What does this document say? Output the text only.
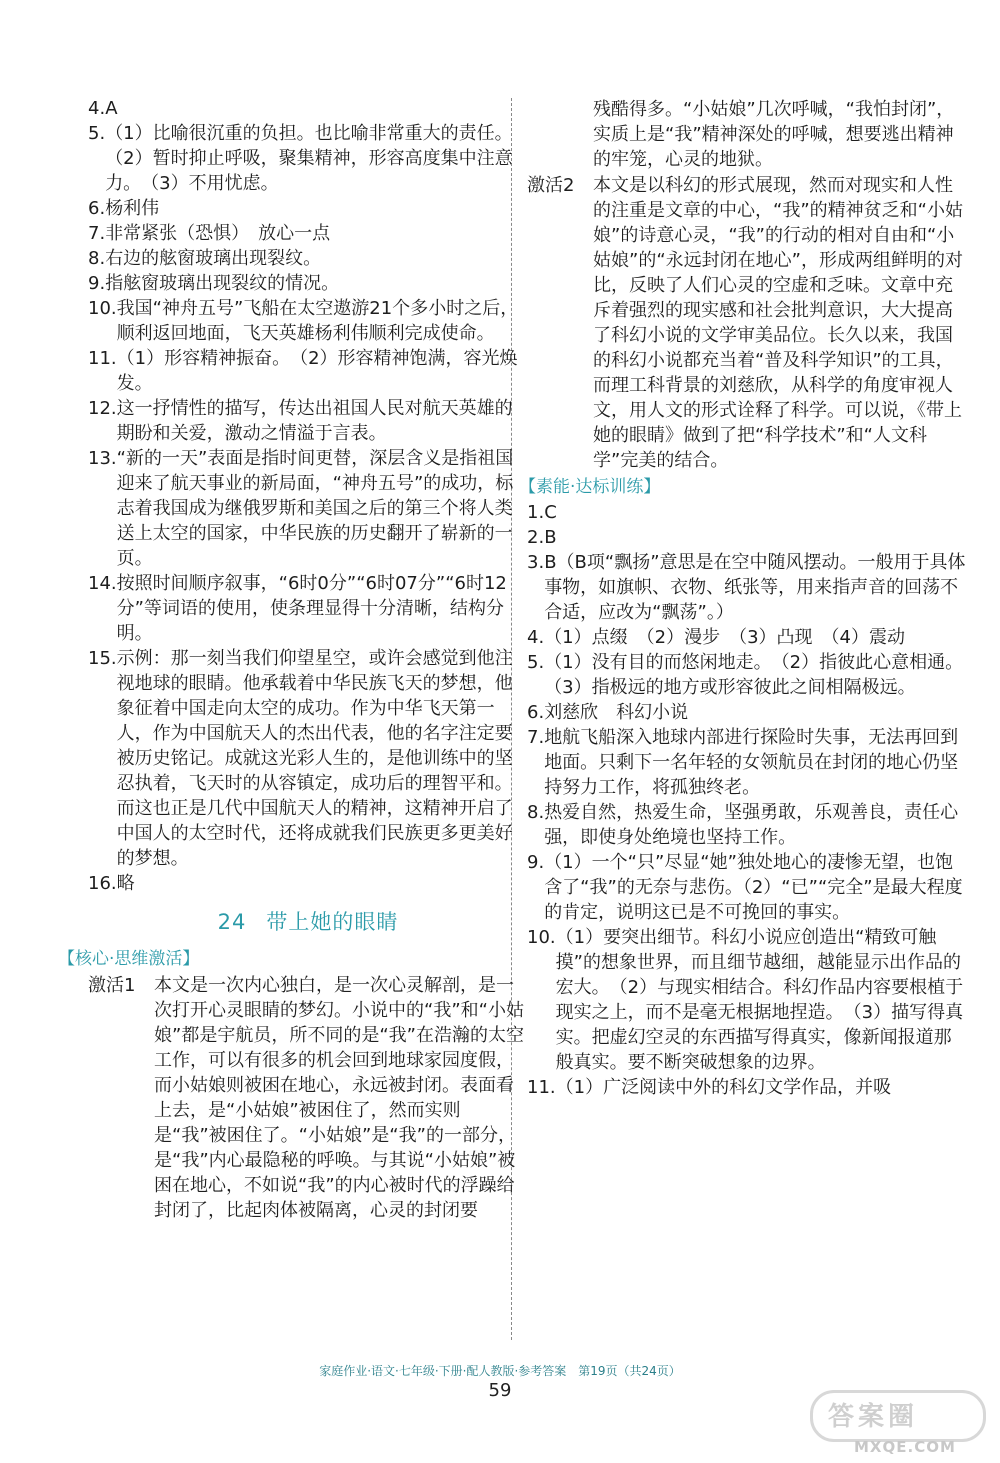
4. A
5. （1）比喻很沉重的负担。也比喻非常重大的责任。　（2）暂时抑止呼吸，聚集精神，形容高度集中注意力。　（3）不用忧虑。
6. 杨利伟
7. 非常紧张（恐惧）　放心一点
8. 右边的舷窗玻璃出现裂纹。
9. 指舷窗玻璃出现裂纹的情况。
10. 我国“神舟五号”飞船在太空遨游21个多小时之后，顺利返回地面，飞天英雄杨利伟顺利完成使命。
11. （1）形容精神振奋。　（2）形容精神饱满，容光焕发。
12. 这一抒情性的描写，传达出祖国人民对航天英雄的期盼和关爱，激动之情溢于言表。
13. “新的一天”表面是指时间更替，深层含义是指祖国迎来了航天事业的新局面，“神舟五号”的成功，标志着我国成为继俄罗斯和美国之后的第三个将人类送上太空的国家，中华民族的历史翻开了崭新的一页。
14. 按照时间顺序叙事，“6时0分”“6时07分”“6时12分”等词语的使用，使条理显得十分清晰，结构分明。
15. 示例：那一刻当我们仰望星空，或许会感觉到他注视地球的眼睛。他承载着中华民族飞天的梦想，他象征着中国走向太空的成功。作为中华飞天第一人，作为中国航天人的杰出代表，他的名字注定要被历史铭记。成就这光彩人生的，是他训练中的坚忍执着，飞天时的从容镇定，成功后的理智平和。而这也正是几代中国航天人的精神，这精神开启了中国人的太空时代，还将成就我们民族更多更美好的梦想。
16. 略
24 带上她的眼睛
【核心·思维激活】
激活1	本文是一次内心独白，是一次心灵解剖，是一次打开心灵眼睛的梦幻。小说中的“我”和“小姑娘”都是宇航员，所不同的是“我”在浩瀚的太空工作，可以有很多的机会回到地球家园度假，而小姑娘则被困在地心，永远被封闭。表面看上去，是“小姑娘”被困住了，然而实则是“我”被困住了。“小姑娘”是“我”的一部分，是“我”内心最隐秘的呼唤。与其说“小姑娘”被困在地心，不如说“我”的内心被时代的浮躁给封闭了，比起肉体被隔离，心灵的封闭要
残酷得多。“小姑娘”几次呼喊，“我怕封闭”，实质上是“我”精神深处的呼喊，想要逃出精神的牢笼，心灵的地狱。
激活2	本文是以科幻的形式展现，然而对现实和人性的注重是文章的中心，“我”的精神贫乏和“小姑娘”的诗意心灵，“我”的行动的相对自由和“小姑娘”的“永远封闭在地心”，形成两组鲜明的对比，反映了人们心灵的空虚和乏味。文章中充斥着强烈的现实感和社会批判意识，大大提高了科幻小说的文学审美品位。长久以来，我国的科幻小说都充当着“普及科学知识”的工具，而理工科背景的刘慈欣，从科学的角度审视人文，用人文的形式诠释了科学。可以说，《带上她的眼睛》做到了把“科学技术”和“人文科学”完美的结合。
【素能·达标训练】
1. C
2. B
3. B（B项“飘扬”意思是在空中随风摆动。一般用于具体事物，如旗帜、衣物、纸张等，用来指声音的回荡不合适，应改为“飘荡”。）
4. （1）点缀　（2）漫步　（3）凸现　（4）震动
5. （1）没有目的而悠闲地走。　（2）指彼此心意相通。　（3）指极远的地方或形容彼此之间相隔极远。
6. 刘慈欣　科幻小说
7. 地航飞船深入地球内部进行探险时失事，无法再回到地面。只剩下一名年轻的女领航员在封闭的地心仍坚持努力工作，将孤独终老。
8. 热爱自然，热爱生命，坚强勇敢，乐观善良，责任心强，即使身处绝境也坚持工作。
9. （1）一个“只”尽显“她”独处地心的凄惨无望，也饱含了“我”的无奈与悲伤。（2）“已”“完全”是最大程度的肯定，说明这已是不可挽回的事实。
10. （1）要突出细节。科幻小说应创造出“精致可触摸”的想象世界，而且细节越细，越能显示出作品的宏大。　（2）与现实相结合。科幻作品内容要根植于现实之上，而不是毫无根据地捏造。　（3）描写得真实。把虚幻空灵的东西描写得真实，像新闻报道那般真实。要不断突破想象的边界。
11. （1）广泛阅读中外的科幻文学作品，并吸
家庭作业·语文·七年级·下册·配人教版·参考答案　第19页（共24页）
59
答案圈
MXQE.COM
